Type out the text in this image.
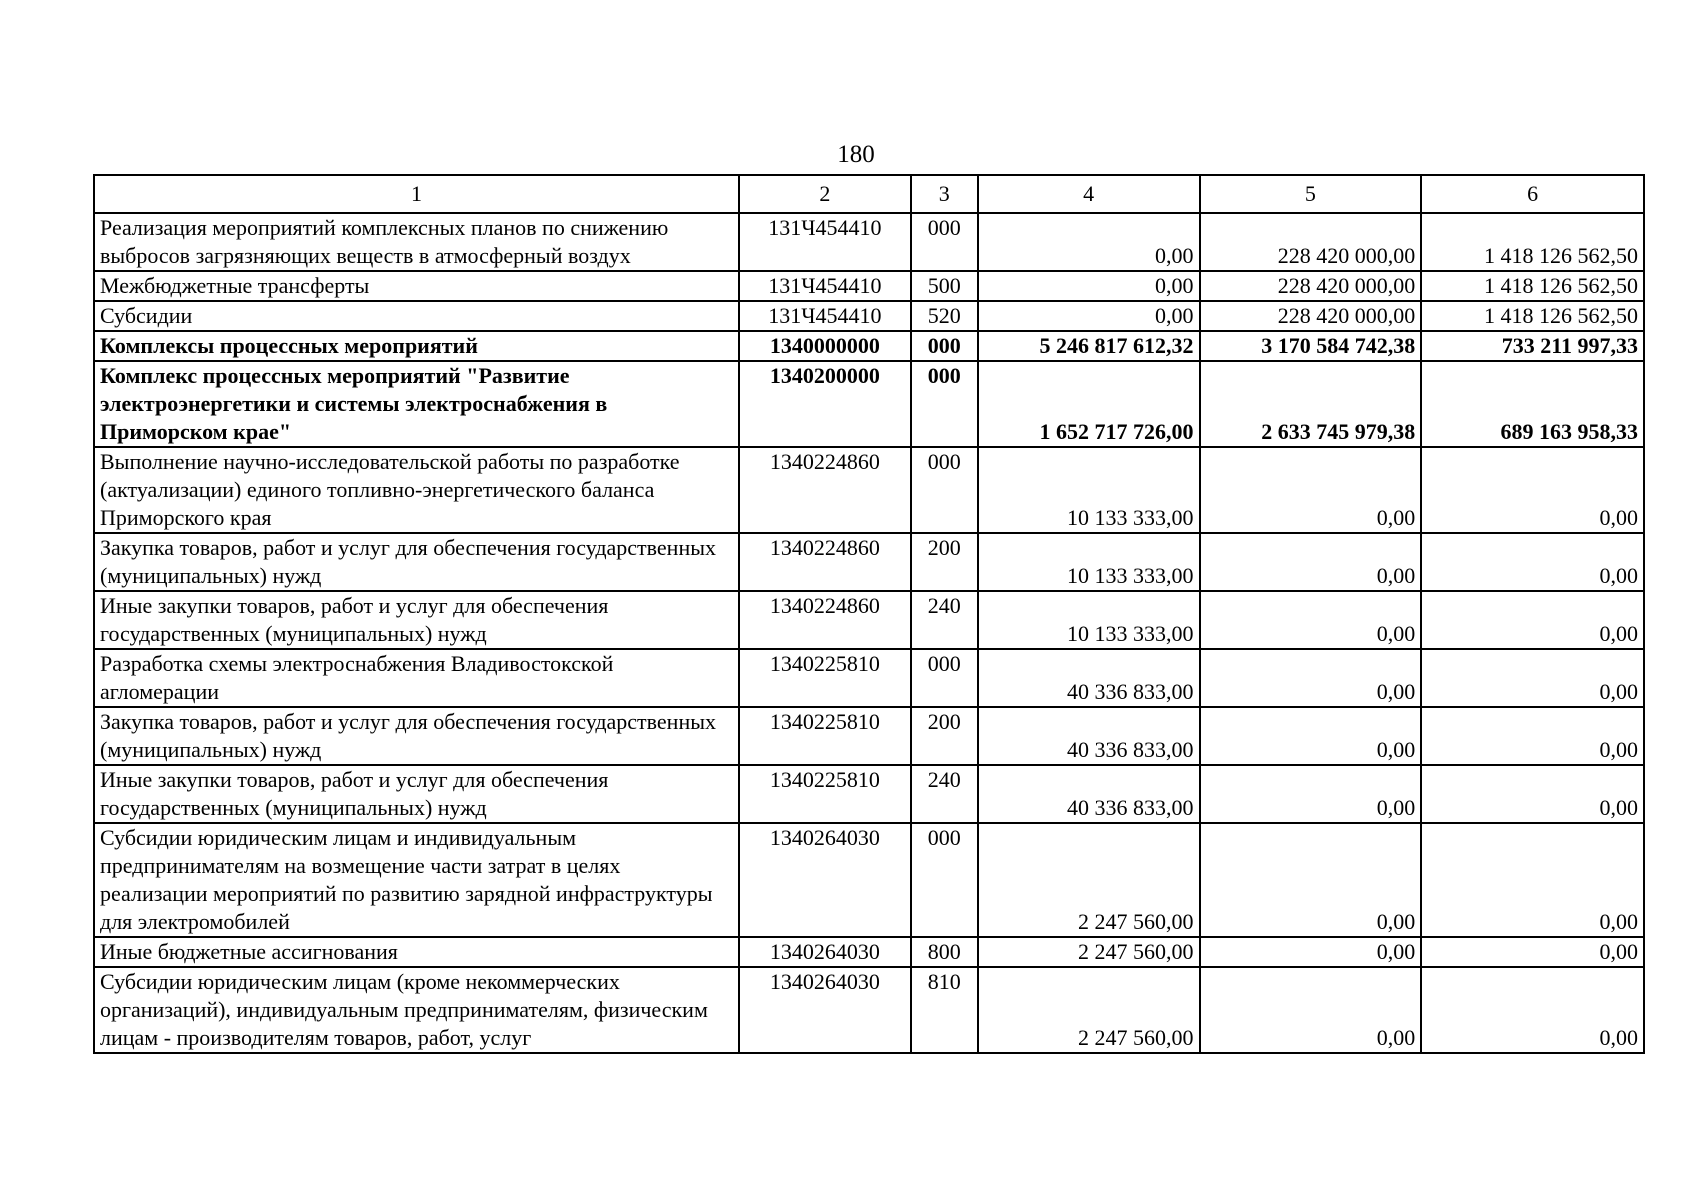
180
1	2	3	4	5	6
Реализация мероприятий комплексных планов по снижению выбросов загрязняющих веществ в атмосферный воздух	131Ч454410	000	0,00	228 420 000,00	1 418 126 562,50
Межбюджетные трансферты	131Ч454410	500	0,00	228 420 000,00	1 418 126 562,50
Субсидии	131Ч454410	520	0,00	228 420 000,00	1 418 126 562,50
Комплексы процессных мероприятий	1340000000	000	5 246 817 612,32	3 170 584 742,38	733 211 997,33
Комплекс процессных мероприятий "Развитие электроэнергетики и системы электроснабжения в Приморском крае"	1340200000	000	1 652 717 726,00	2 633 745 979,38	689 163 958,33
Выполнение научно-исследовательской работы по разработке (актуализации) единого топливно-энергетического баланса Приморского края	1340224860	000	10 133 333,00	0,00	0,00
Закупка товаров, работ и услуг для обеспечения государственных (муниципальных) нужд	1340224860	200	10 133 333,00	0,00	0,00
Иные закупки товаров, работ и услуг для обеспечения государственных (муниципальных) нужд	1340224860	240	10 133 333,00	0,00	0,00
Разработка схемы электроснабжения Владивостокской агломерации	1340225810	000	40 336 833,00	0,00	0,00
Закупка товаров, работ и услуг для обеспечения государственных (муниципальных) нужд	1340225810	200	40 336 833,00	0,00	0,00
Иные закупки товаров, работ и услуг для обеспечения государственных (муниципальных) нужд	1340225810	240	40 336 833,00	0,00	0,00
Субсидии юридическим лицам и индивидуальным предпринимателям на возмещение части затрат в целях реализации мероприятий по развитию зарядной инфраструктуры для электромобилей	1340264030	000	2 247 560,00	0,00	0,00
Иные бюджетные ассигнования	1340264030	800	2 247 560,00	0,00	0,00
Субсидии юридическим лицам (кроме некоммерческих организаций), индивидуальным предпринимателям, физическим лицам - производителям товаров, работ, услуг	1340264030	810	2 247 560,00	0,00	0,00
